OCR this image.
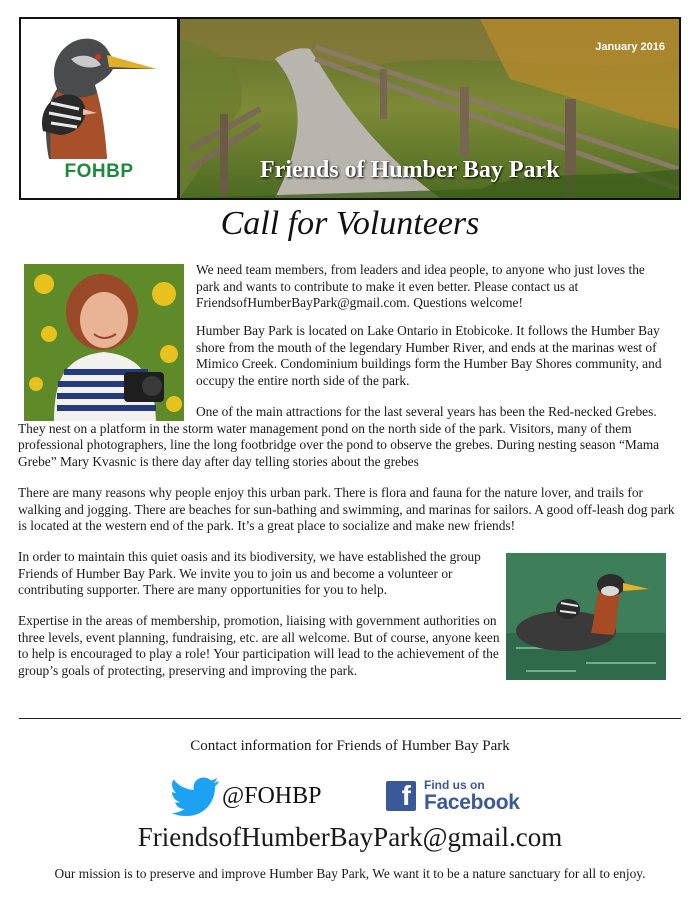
FOHBP
January 2016
Friends of Humber Bay Park
Call for Volunteers

We need team members, from leaders and idea people, to anyone who just loves the park and wants to contribute to make it even better. Please contact us at FriendsofHumberBayPark@gmail.com. Questions welcome!

Humber Bay Park is located on Lake Ontario in Etobicoke. It follows the Humber Bay shore from the mouth of the legendary Humber River, and ends at the marinas west of Mimico Creek. Condominium buildings form the Humber Bay Shores community, and occupy the entire north side of the park.

One of the main attractions for the last several years has been the Red-necked Grebes. They nest on a platform in the storm water management pond on the north side of the park. Visitors, many of them professional photographers, line the long footbridge over the pond to observe the grebes. During nesting season “Mama Grebe” Mary Kvasnic is there day after day telling stories about the grebes

There are many reasons why people enjoy this urban park. There is flora and fauna for the nature lover, and trails for walking and jogging. There are beaches for sun-bathing and swimming, and marinas for sailors. A good off-leash dog park is located at the western end of the park. It’s a great place to socialize and make new friends!

In order to maintain this quiet oasis and its biodiversity, we have established the group Friends of Humber Bay Park. We invite you to join us and become a volunteer or contributing supporter. There are many opportunities for you to help.

Expertise in the areas of membership, promotion, liaising with government authorities on three levels, event planning, fundraising, etc. are all welcome. But of course, anyone keen to help is encouraged to play a role! Your participation will lead to the achievement of the group’s goals of protecting, preserving and improving the park.

Contact information for Friends of Humber Bay Park
@FOHBP	f	Find us on
Facebook
FriendsofHumberBayPark@gmail.com
Our mission is to preserve and improve Humber Bay Park, We want it to be a nature sanctuary for all to enjoy.
